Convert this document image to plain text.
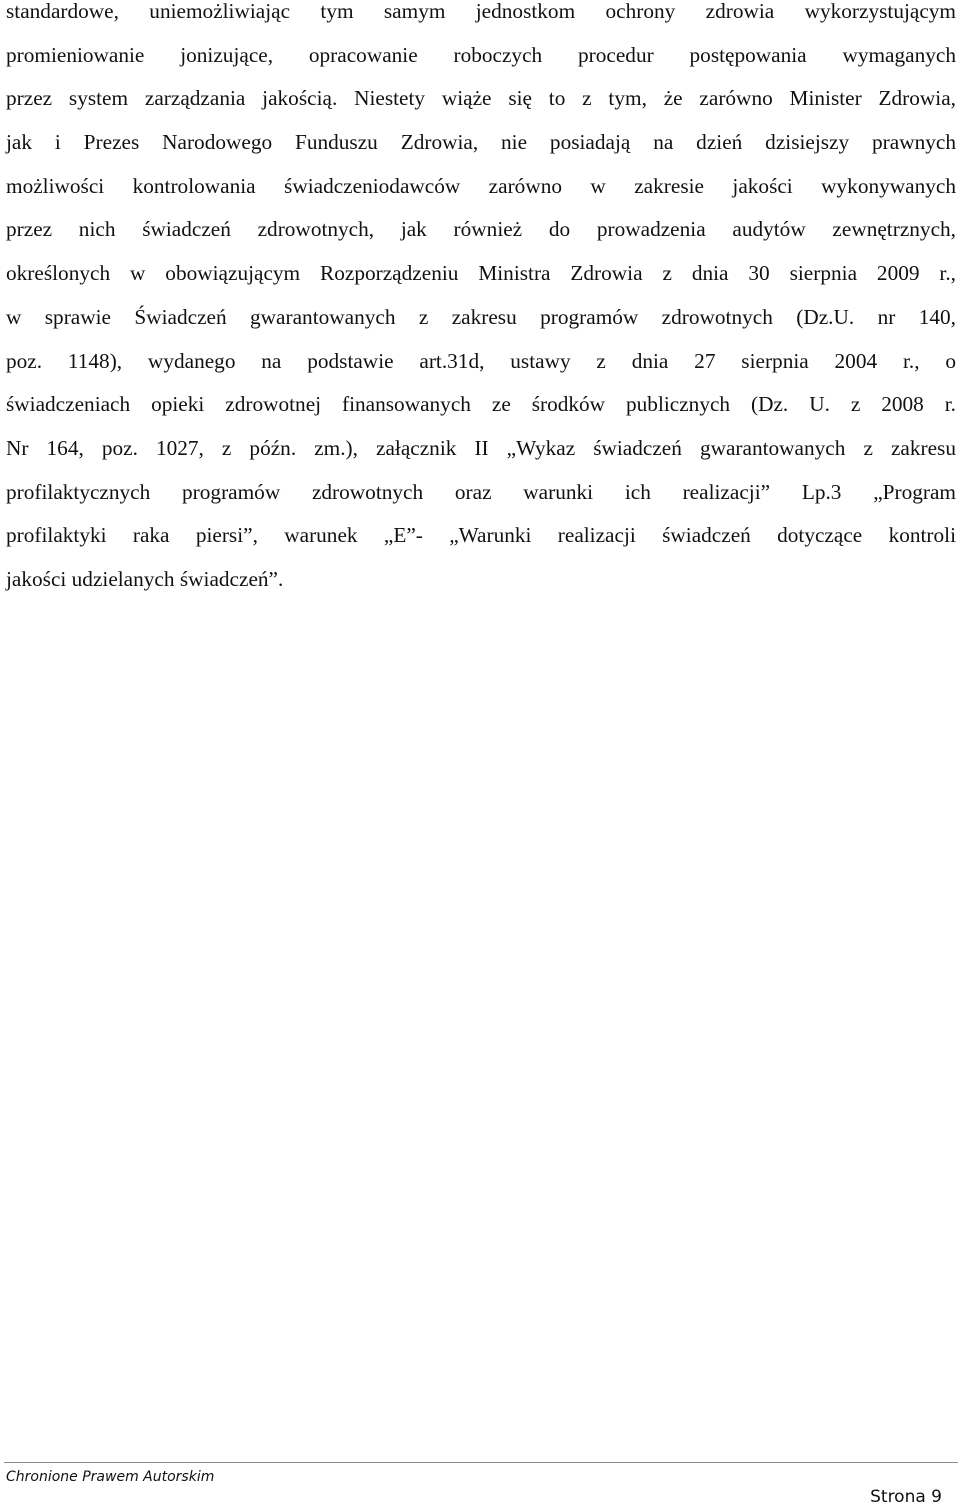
standardowe, uniemożliwiając tym samym jednostkom ochrony zdrowia wykorzystującym
promieniowanie jonizujące, opracowanie roboczych procedur postępowania wymaganych
przez system zarządzania jakością. Niestety wiąże się to z tym, że zarówno Minister Zdrowia,
jak i Prezes Narodowego Funduszu Zdrowia, nie posiadają na dzień dzisiejszy prawnych
możliwości kontrolowania świadczeniodawców zarówno w zakresie jakości wykonywanych
przez nich świadczeń zdrowotnych, jak również do prowadzenia audytów zewnętrznych,
określonych w obowiązującym Rozporządzeniu Ministra Zdrowia z dnia 30 sierpnia 2009 r.,
w sprawie Świadczeń gwarantowanych z zakresu programów zdrowotnych (Dz.U. nr 140,
poz. 1148), wydanego na podstawie art.31d, ustawy z dnia 27 sierpnia 2004 r., o
świadczeniach opieki zdrowotnej finansowanych ze środków publicznych (Dz. U. z 2008 r.
Nr 164, poz. 1027, z późn. zm.), załącznik II „Wykaz świadczeń gwarantowanych z zakresu
profilaktycznych programów zdrowotnych oraz warunki ich realizacji” Lp.3 „Program
profilaktyki raka piersi”, warunek „E”- „Warunki realizacji świadczeń dotyczące kontroli
jakości udzielanych świadczeń”.
Chronione Prawem Autorskim
Strona 9
